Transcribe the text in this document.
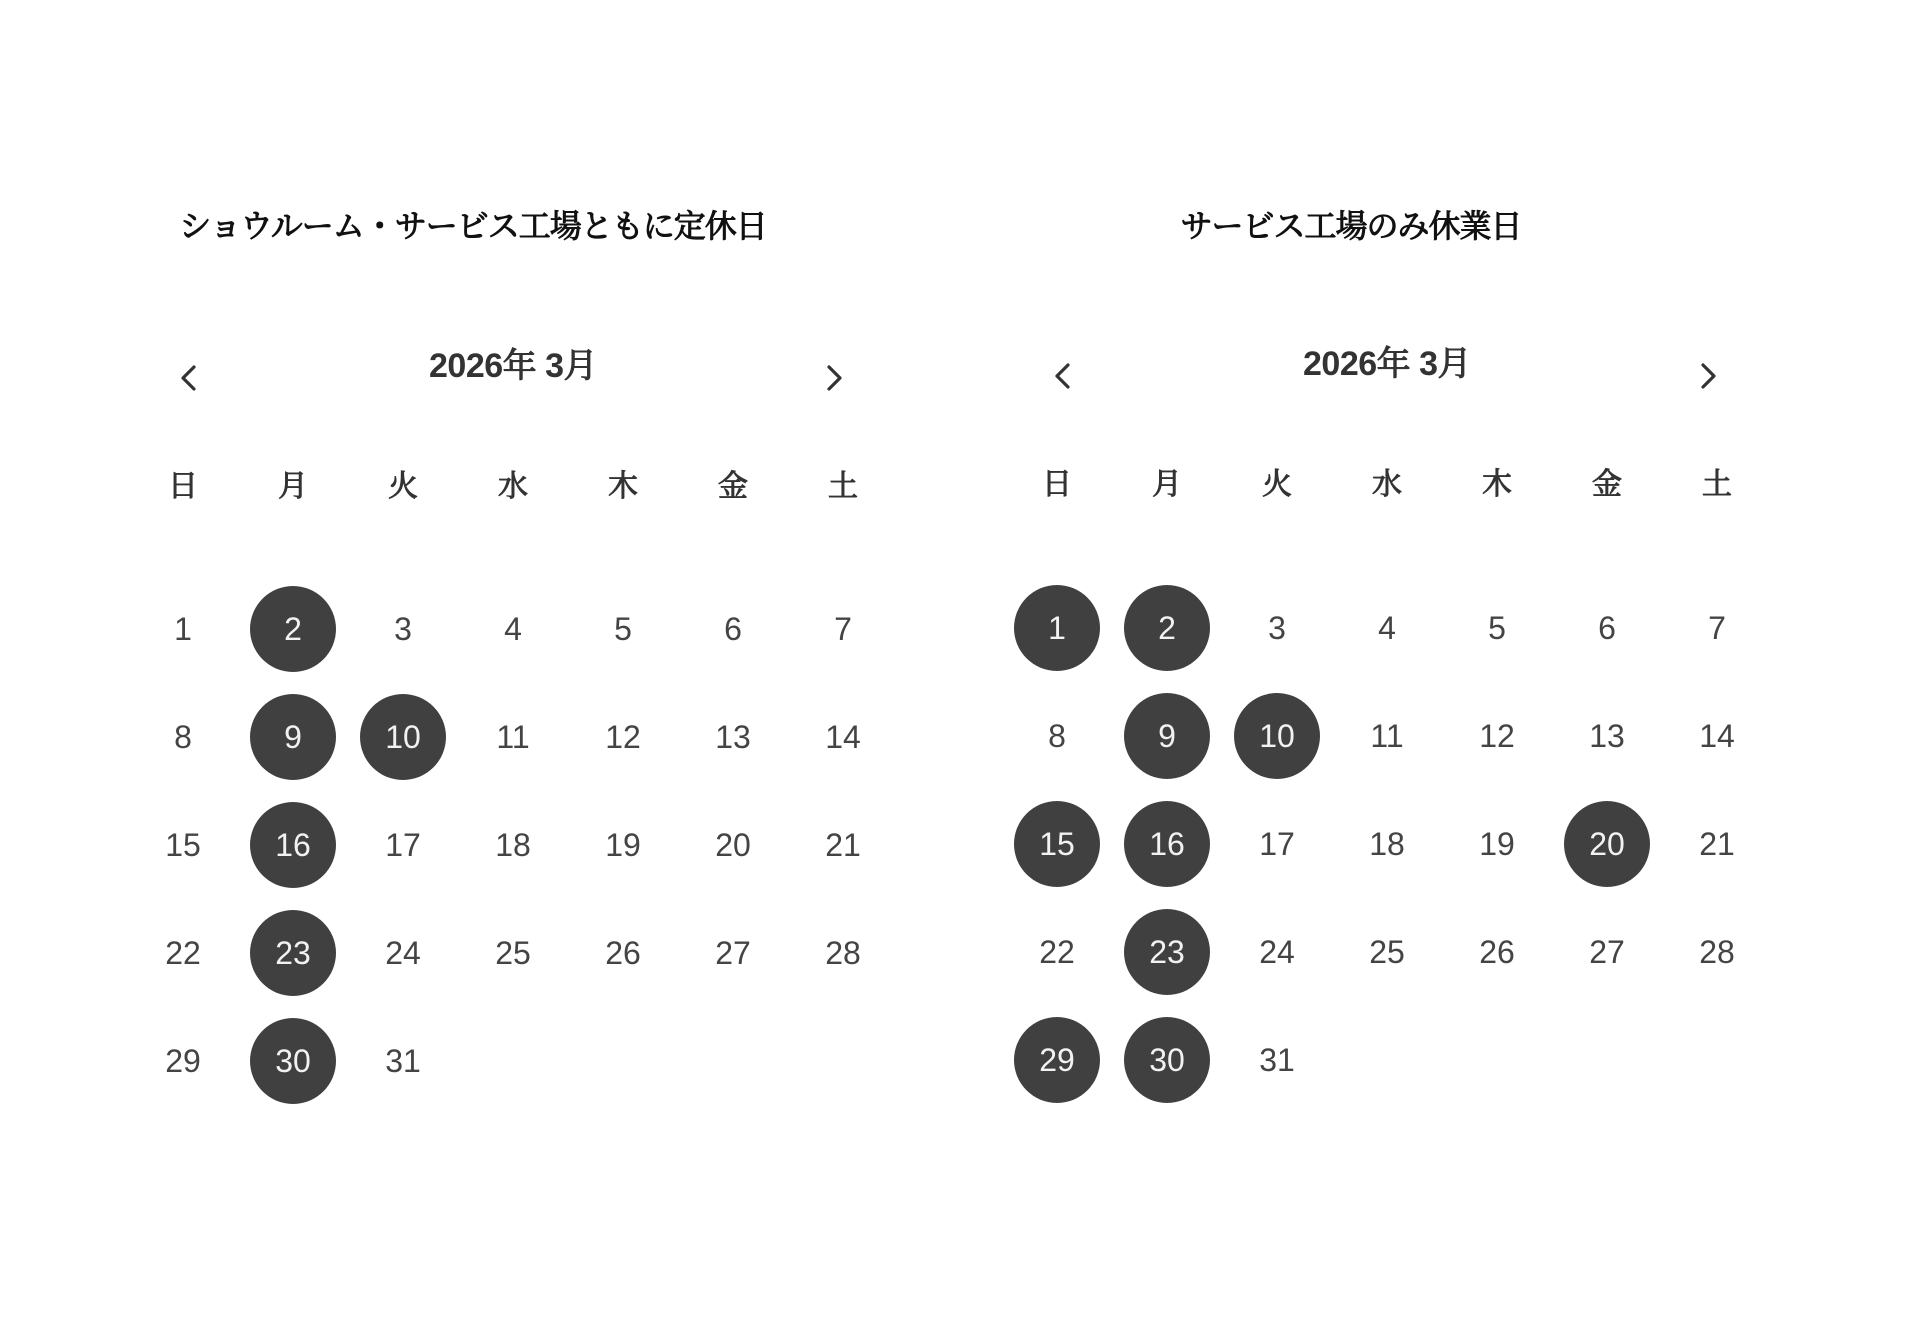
ショウルーム・サービス工場ともに定休日
2026年 3月
日	月	火	水	木	金	土
1	2	3	4	5	6	7
8	9	10	11	12	13	14
15	16	17	18	19	20	21
22	23	24	25	26	27	28
29	30	31
サービス工場のみ休業日
2026年 3月
日	月	火	水	木	金	土
1	2	3	4	5	6	7
8	9	10	11	12	13	14
15	16	17	18	19	20	21
22	23	24	25	26	27	28
29	30	31
